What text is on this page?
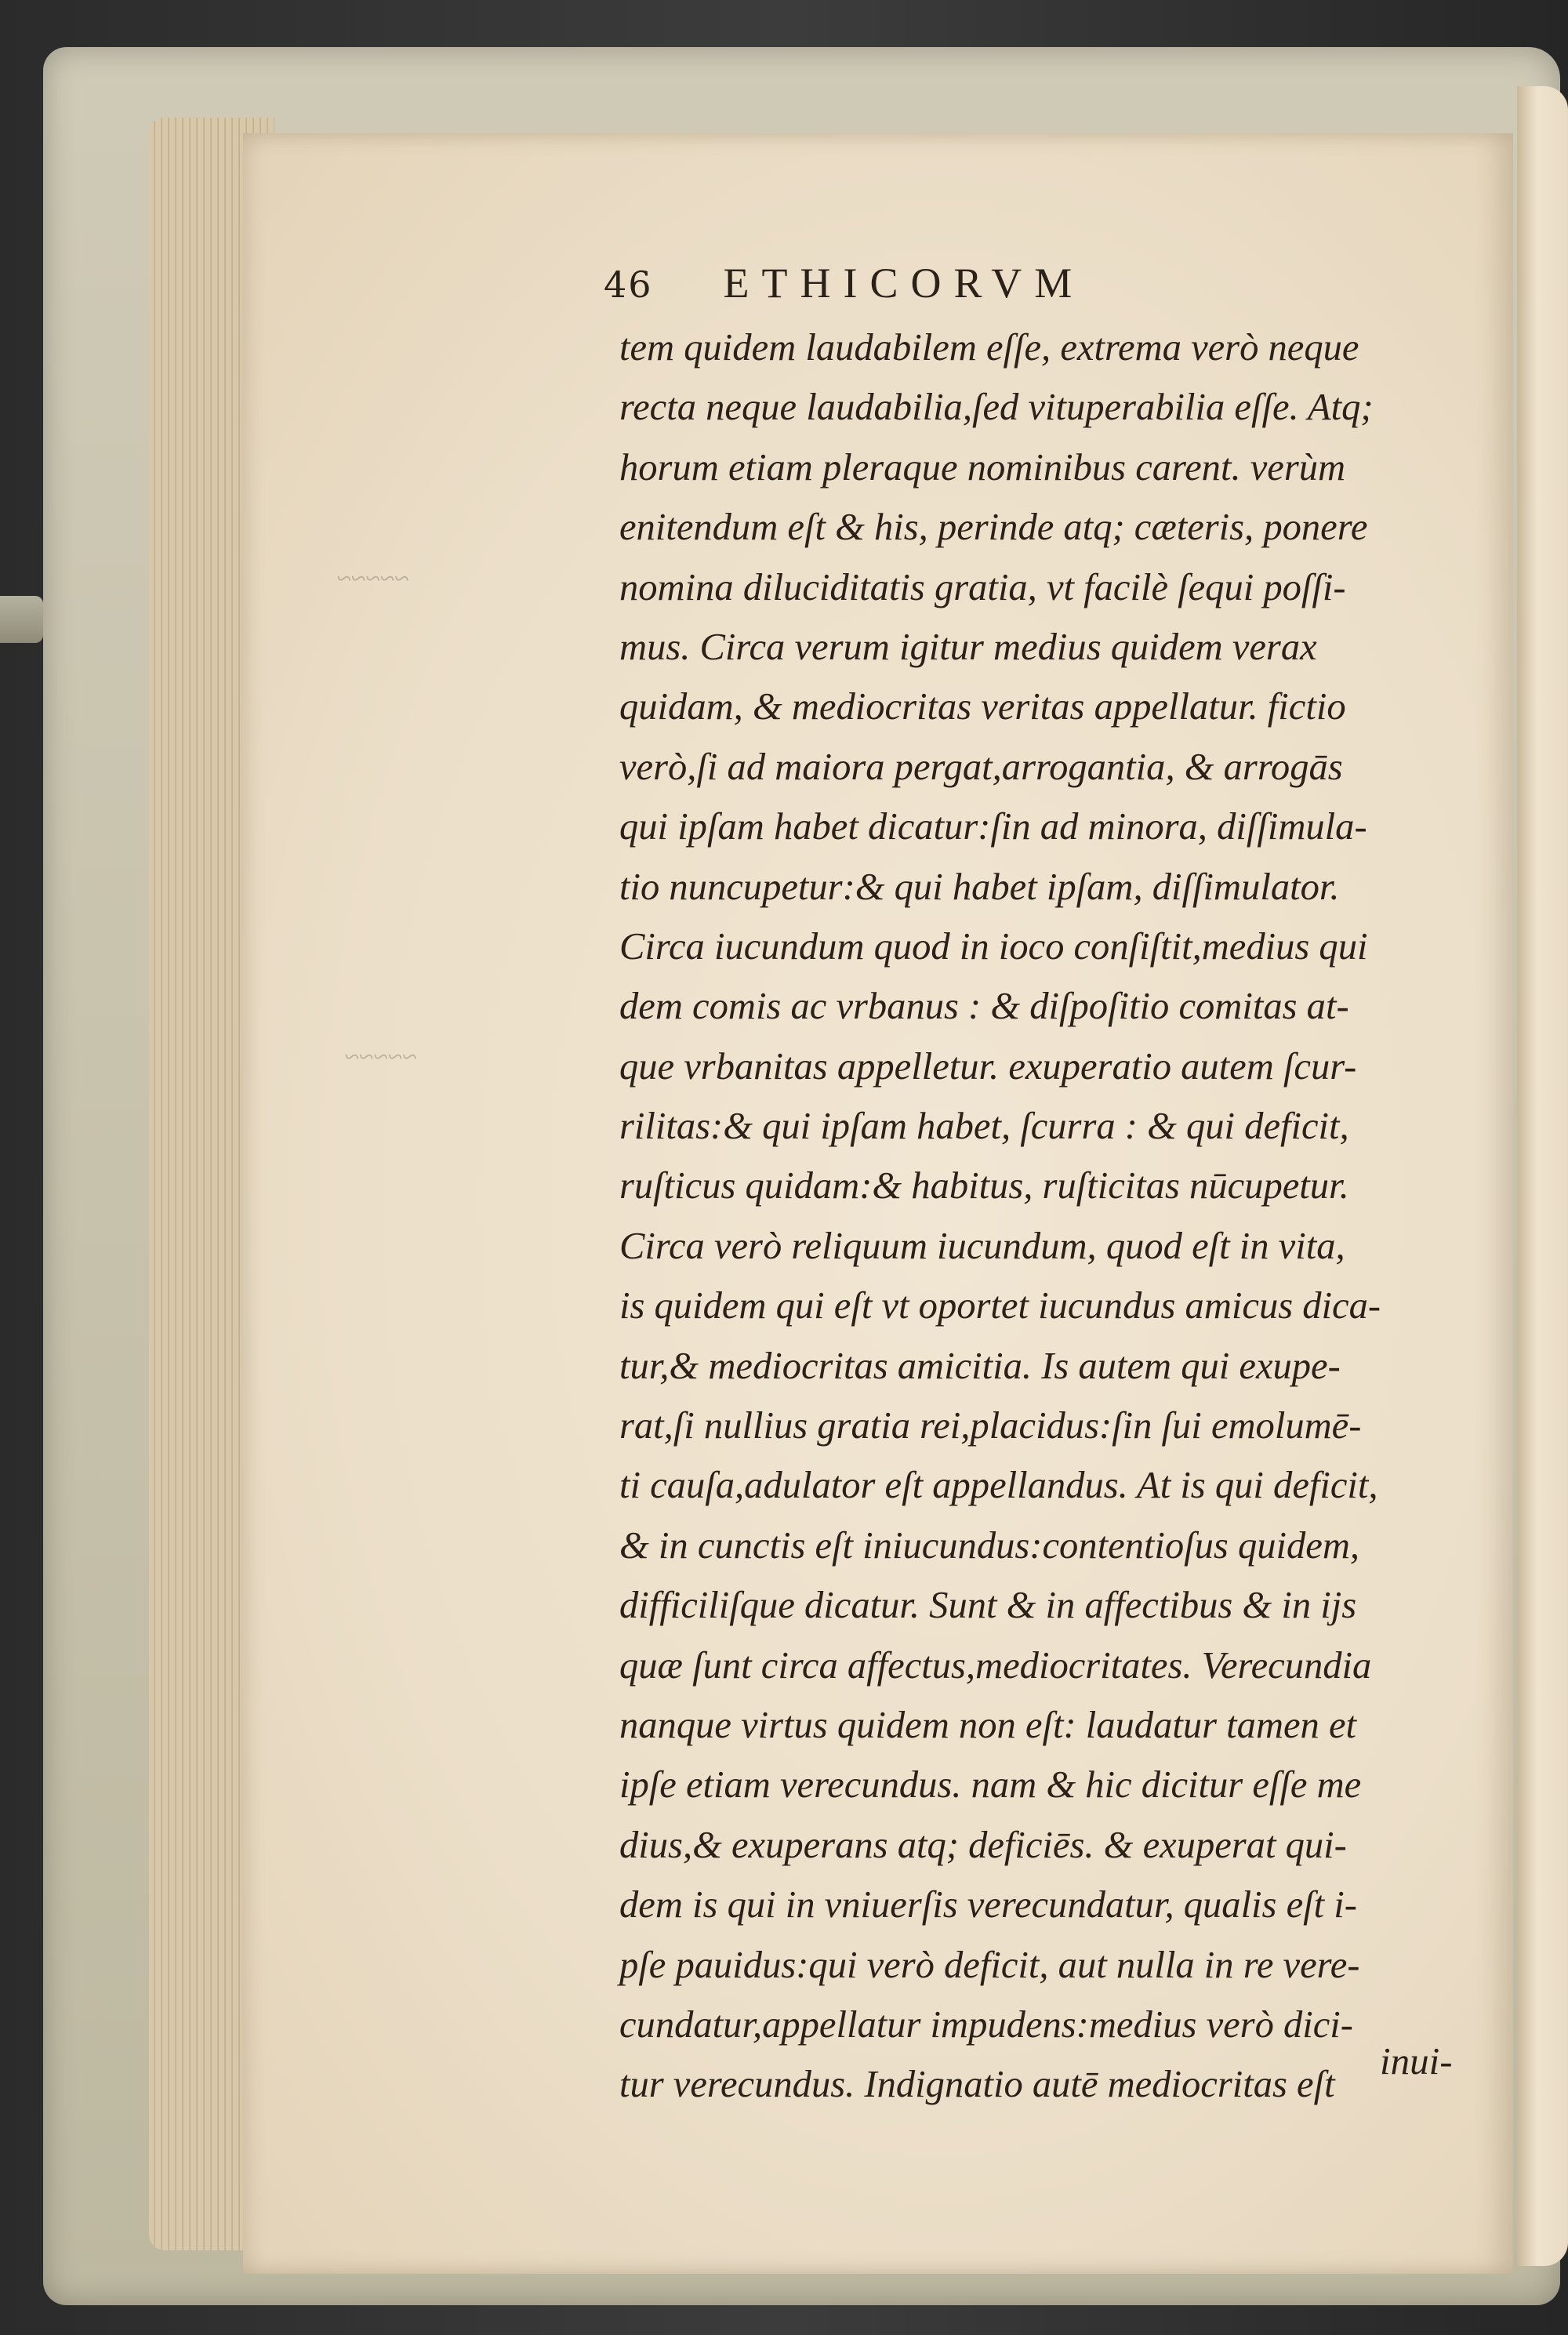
~~~~~
~~~~~
46 ETHICORVM
tem quidem laudabilem eſſe, extrema verò neque
recta neque laudabilia,ſed vituperabilia eſſe. Atq;
horum etiam pleraque nominibus carent. verùm
enitendum eſt & his, perinde atq; cæteris, ponere
nomina diluciditatis gratia, vt facilè ſequi poſſi-
mus. Circa verum igitur medius quidem verax
quidam, & mediocritas veritas appellatur. fictio
verò,ſi ad maiora pergat,arrogantia, & arrogās
qui ipſam habet dicatur:ſin ad minora, diſſimula-
tio nuncupetur:& qui habet ipſam, diſſimulator.
Circa iucundum quod in ioco conſiſtit,medius qui
dem comis ac vrbanus : & diſpoſitio comitas at-
que vrbanitas appelletur. exuperatio autem ſcur-
rilitas:& qui ipſam habet, ſcurra : & qui deficit,
ruſticus quidam:& habitus, ruſticitas nūcupetur.
Circa verò reliquum iucundum, quod eſt in vita,
is quidem qui eſt vt oportet iucundus amicus dica-
tur,& mediocritas amicitia. Is autem qui exupe-
rat,ſi nullius gratia rei,placidus:ſin ſui emolumē-
ti cauſa,adulator eſt appellandus. At is qui deficit,
& in cunctis eſt iniucundus:contentioſus quidem,
difficiliſque dicatur. Sunt & in affectibus & in ijs
quæ ſunt circa affectus,mediocritates. Verecundia
nanque virtus quidem non eſt: laudatur tamen et
ipſe etiam verecundus. nam & hic dicitur eſſe me
dius,& exuperans atq; deficiēs. & exuperat qui-
dem is qui in vniuerſis verecundatur, qualis eſt i-
pſe pauidus:qui verò deficit, aut nulla in re vere-
cundatur,appellatur impudens:medius verò dici-
tur verecundus. Indignatio autē mediocritas eſt
inui-
